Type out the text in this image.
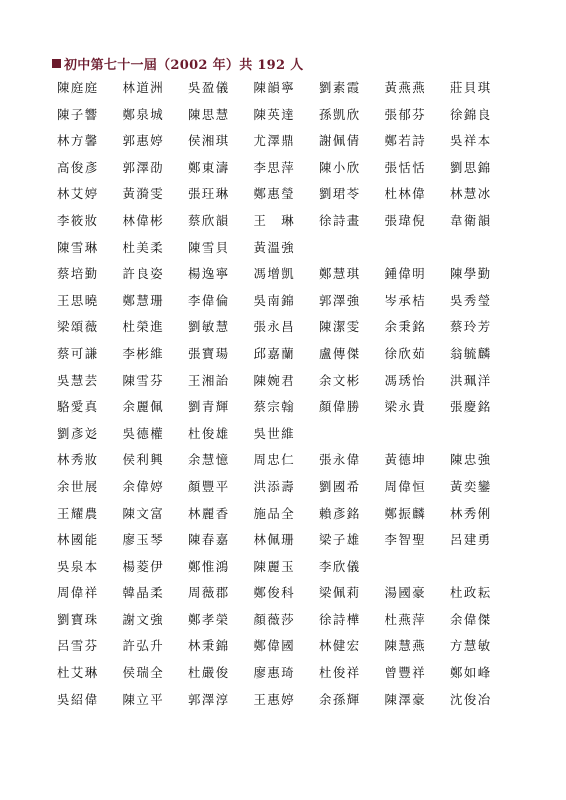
初中第七十一屆（2002 年）共 192 人
陳庭庭 林道洲 吳盈儀 陳韻寧 劉素霞 黃燕燕 莊貝琪
陳子響 鄭泉城 陳思慧 陳英達 孫凱欣 張郁芬 徐錦良
林方馨 郭惠婷 侯湘琪 尤澤鼎 謝佩倩 鄭若詩 吳祥本
高俊彥 郭澤劭 鄭東濤 李思萍 陳小欣 張恬恬 劉思錦
林艾婷 黃漪雯 張玨琳 鄭惠瑩 劉珺苓 杜林偉 林慧冰
李筱妝 林偉彬 蔡欣韻 王　琳 徐詩畫 張瑋倪 韋衛韻
陳雪琳 杜美柔 陳雪貝 黃溫強
蔡培勤 許良姿 楊逸寧 馮增凱 鄭慧琪 鍾偉明 陳學勤
王思曉 鄭慧珊 李偉倫 吳南錦 郭澤強 岑承桔 吳秀瑩
梁頌薇 杜榮進 劉敏慧 張永昌 陳潔雯 余秉銘 蔡玲芳
蔡可謙 李彬維 張寶瑒 邱嘉蘭 盧傳傑 徐欣茹 翁毓麟
吳慧芸 陳雪芬 王湘詒 陳婉君 余文彬 馮琇怡 洪珮洋
駱愛真 余麗佩 劉青輝 蔡宗翰 顏偉勝 梁永貴 張慶銘
劉彥彣 吳德權 杜俊雄 吳世維
林秀妝 侯利興 余慧憶 周忠仁 張永偉 黃德坤 陳忠強
余世展 余偉婷 顏豐平 洪添壽 劉國希 周偉恒 黃奕鑾
王耀農 陳文富 林麗香 施品全 賴彥銘 鄭振麟 林秀俐
林國能 廖玉琴 陳春嘉 林佩珊 梁子雄 李智聖 呂建勇
吳泉本 楊菱伊 鄭惟鴻 陳麗玉 李欣儀
周偉祥 韓晶柔 周薇郡 鄭俊科 梁佩莉 湯國豪 杜政耘
劉寶珠 謝文強 鄭孝榮 顏薇莎 徐詩樺 杜燕萍 余偉傑
呂雪芬 許弘升 林秉錦 鄭偉國 林健宏 陳慧燕 方慧敏
杜艾琳 侯瑞全 杜嚴俊 廖惠琦 杜俊祥 曾豐祥 鄭如峰
吳紹偉 陳立平 郭澤淳 王惠婷 余孫輝 陳澤豪 沈俊冶
